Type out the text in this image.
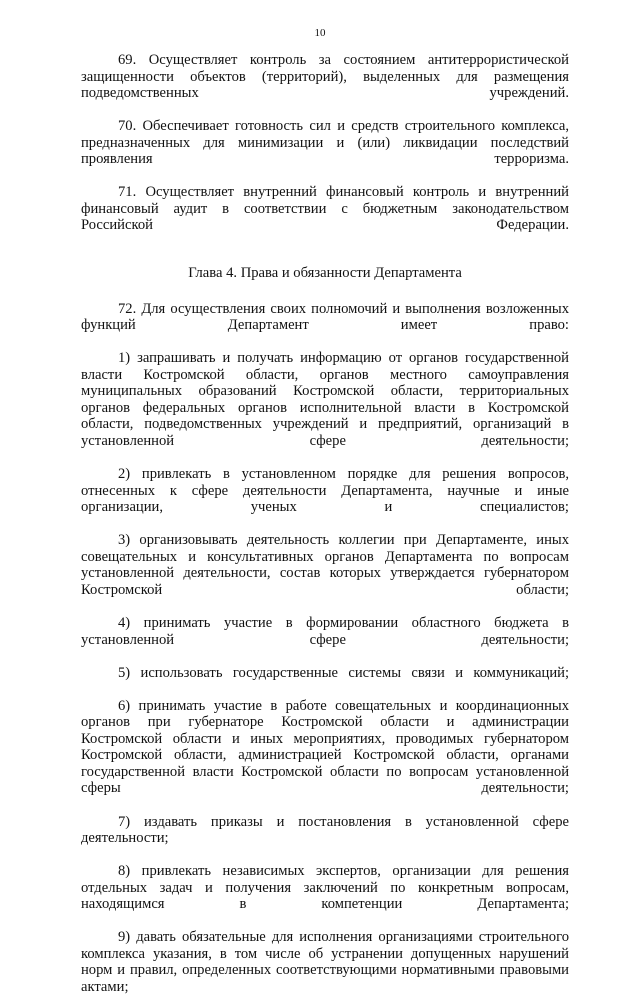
10

69. Осуществляет контроль за состоянием антитеррористической защищенности объектов (территорий), выделенных для размещения подведомственных учреждений.

70. Обеспечивает готовность сил и средств строительного комплекса, предназначенных для минимизации и (или) ликвидации последствий проявления терроризма.

71. Осуществляет внутренний финансовый контроль и внутренний финансовый аудит в соответствии с бюджетным законодательством Российской Федерации.

Глава 4. Права и обязанности Департамента

72. Для осуществления своих полномочий и выполнения возложенных функций Департамент имеет право:

1) запрашивать и получать информацию от органов государственной власти Костромской области, органов местного самоуправления муниципальных образований Костромской области, территориальных органов федеральных органов исполнительной власти в Костромской области, подведомственных учреждений и предприятий, организаций в установленной сфере деятельности;

2) привлекать в установленном порядке для решения вопросов, отнесенных к сфере деятельности Департамента, научные и иные организации, ученых и специалистов;

3) организовывать деятельность коллегии при Департаменте, иных совещательных и консультативных органов Департамента по вопросам установленной деятельности, состав которых утверждается губернатором Костромской области;

4) принимать участие в формировании областного бюджета в установленной сфере деятельности;

5) использовать государственные системы связи и коммуникаций;

6) принимать участие в работе совещательных и координационных органов при губернаторе Костромской области и администрации Костромской области и иных мероприятиях, проводимых губернатором Костромской области, администрацией Костромской области, органами государственной власти Костромской области по вопросам установленной сферы деятельности;

7) издавать приказы и постановления в установленной сфере деятельности;

8) привлекать независимых экспертов, организации для решения отдельных задач и получения заключений по конкретным вопросам, находящимся в компетенции Департамента;

9) давать обязательные для исполнения организациями строительного комплекса указания, в том числе об устранении допущенных нарушений норм и правил, определенных соответствующими нормативными правовыми актами;
